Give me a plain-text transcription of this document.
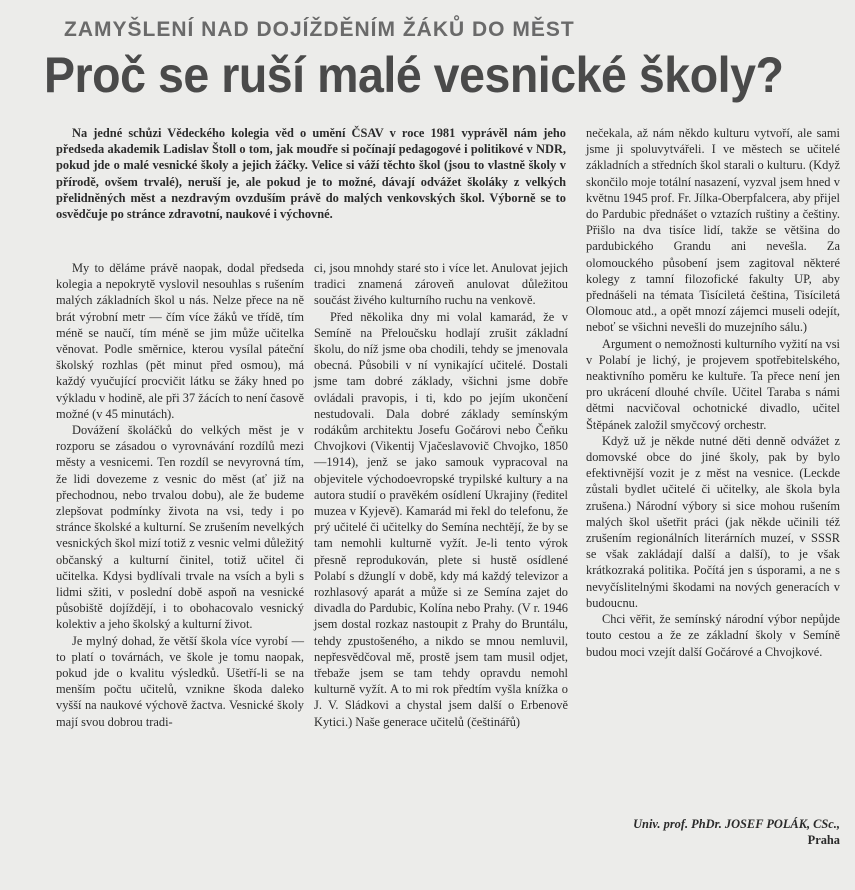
ZAMYŠLENÍ NAD DOJÍŽDĚNÍM ŽÁKŮ DO MĚST
Proč se ruší malé vesnické školy?

Na jedné schůzi Vědeckého kolegia věd o umění ČSAV v roce 1981 vyprávěl nám jeho předseda akademik Ladislav Štoll o tom, jak moudře si počínají pedagogové i politikové v NDR, pokud jde o malé vesnické školy a jejich žáčky. Velice si váží těchto škol (jsou to vlastně školy v přírodě, ovšem trvalé), neruší je, ale pokud je to možné, dávají odvážet školáky z velkých přelidněných měst a nezdravým ovzduším právě do malých venkovských škol. Výborně se to osvědčuje po stránce zdravotní, naukové i výchovné.

My to děláme právě naopak, dodal předseda kolegia a nepokrytě vyslovil nesouhlas s rušením malých základních škol u nás. Nelze přece na ně brát výrobní metr — čím více žáků ve třídě, tím méně se naučí, tím méně se jim může učitelka věnovat. Podle směrnice, kterou vysílal páteční školský rozhlas (pět minut před osmou), má každý vyučující procvičit látku se žáky hned po výkladu v hodině, ale při 37 žácích to není časově možné (v 45 minutách).

Dovážení školáčků do velkých měst je v rozporu se zásadou o vyrovnávání rozdílů mezi městy a vesnicemi. Ten rozdíl se nevyrovná tím, že lidi dovezeme z vesnic do měst (ať již na přechodnou, nebo trvalou dobu), ale že budeme zlepšovat podmínky života na vsi, tedy i po stránce školské a kulturní. Se zrušením nevelkých vesnických škol mizí totiž z vesnic velmi důležitý občanský a kulturní činitel, totiž učitel či učitelka. Kdysi bydlívali trvale na vsích a byli s lidmi sžiti, v poslední době aspoň na vesnické působiště dojíždějí, i to obohacovalo vesnický kolektiv a jeho školský a kulturní život.

Je mylný dohad, že větší škola více vyrobí — to platí o továrnách, ve škole je tomu naopak, pokud jde o kvalitu výsledků. Ušetří-li se na menším počtu učitelů, vznikne škoda daleko vyšší na naukové výchově žactva. Vesnické školy mají svou dobrou tradi-

ci, jsou mnohdy staré sto i více let. Anulovat jejich tradici znamená zároveň anulovat důležitou součást živého kulturního ruchu na venkově.

Před několika dny mi volal kamarád, že v Semíně na Přeloučsku hodlají zrušit základní školu, do níž jsme oba chodili, tehdy se jmenovala obecná. Působili v ní vynikající učitelé. Dostali jsme tam dobré základy, všichni jsme dobře ovládali pravopis, i ti, kdo po jejím ukončení nestudovali. Dala dobré základy semínským rodákům architektu Josefu Gočárovi nebo Čeňku Chvojkovi (Vikentij Vjačeslavovič Chvojko, 1850—1914), jenž se jako samouk vypracoval na objevitele východoevropské trypilské kultury a na autora studií o pravěkém osídlení Ukrajiny (ředitel muzea v Kyjevě). Kamarád mi řekl do telefonu, že prý učitelé či učitelky do Semína nechtějí, že by se tam nemohli kulturně vyžít. Je-li tento výrok přesně reprodukován, plete si hustě osídlené Polabí s džunglí v době, kdy má každý televizor a rozhlasový aparát a může si ze Semína zajet do divadla do Pardubic, Kolína nebo Prahy. (V r. 1946 jsem dostal rozkaz nastoupit z Prahy do Bruntálu, tehdy zpustošeného, a nikdo se mnou nemluvil, nepřesvědčoval mě, prostě jsem tam musil odjet, třebaže jsem se tam tehdy opravdu nemohl kulturně vyžít. A to mi rok předtím vyšla knížka o J. V. Sládkovi a chystal jsem další o Erbenově Kytici.) Naše generace učitelů (češtinářů)

nečekala, až nám někdo kulturu vytvoří, ale sami jsme ji spoluvytvářeli. I ve městech se učitelé základních a středních škol starali o kulturu. (Když skončilo moje totální nasazení, vyzval jsem hned v květnu 1945 prof. Fr. Jílka-Oberpfalcera, aby přijel do Pardubic přednášet o vztazích ruštiny a češtiny. Přišlo na dva tisíce lidí, takže se většina do pardubického Grandu ani nevešla. Za olomouckého působení jsem zagitoval některé kolegy z tamní filozofické fakulty UP, aby přednášeli na témata Tisíciletá čeština, Tisíciletá Olomouc atd., a opět mnozí zájemci museli odejít, neboť se všichni nevešli do muzejního sálu.)

Argument o nemožnosti kulturního vyžití na vsi v Polabí je lichý, je projevem spotřebitelského, neaktivního poměru ke kultuře. Ta přece není jen pro ukrácení dlouhé chvíle. Učitel Taraba s námi dětmi nacvičoval ochotnické divadlo, učitel Štěpánek založil smyčcový orchestr.

Když už je někde nutné děti denně odvážet z domovské obce do jiné školy, pak by bylo efektivnější vozit je z měst na vesnice. (Leckde zůstali bydlet učitelé či učitelky, ale škola byla zrušena.) Národní výbory si sice mohou rušením malých škol ušetřit práci (jak někde učinili též zrušením regionálních literárních muzeí, v SSSR se však zakládají další a další), to je však krátkozraká politika. Počítá jen s úsporami, a ne s nevyčíslitelnými škodami na nových generacích v budoucnu.

Chci věřit, že semínský národní výbor nepůjde touto cestou a že ze základní školy v Semíně budou moci vzejít další Gočárové a Chvojkové.

Univ. prof. PhDr. JOSEF POLÁK, CSc.,
Praha
